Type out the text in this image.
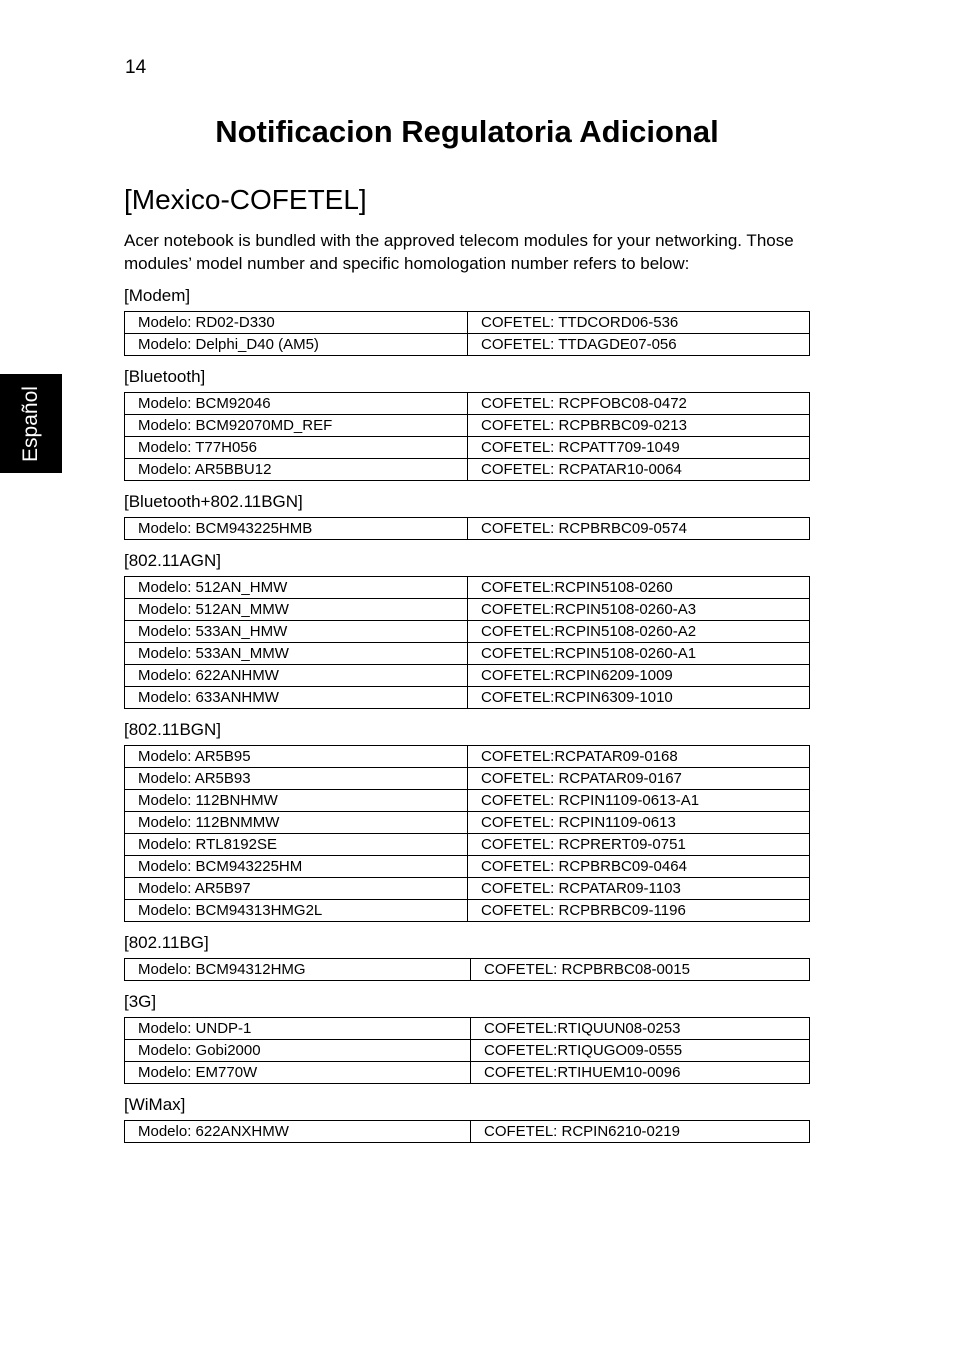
14
Español
Notificacion Regulatoria Adicional
[Mexico-COFETEL]

Acer notebook is bundled with the approved telecom modules for your networking. Those modules’ model number and specific homologation number refers to below:

[Modem]
Modelo: RD02-D330	COFETEL: TTDCORD06-536
Modelo: Delphi_D40 (AM5)	COFETEL: TTDAGDE07-056
[Bluetooth]
Modelo: BCM92046	COFETEL: RCPFOBC08-0472
Modelo: BCM92070MD_REF	COFETEL: RCPBRBC09-0213
Modelo: T77H056	COFETEL: RCPATT709-1049
Modelo: AR5BBU12	COFETEL: RCPATAR10-0064
[Bluetooth+802.11BGN]
Modelo: BCM943225HMB	COFETEL: RCPBRBC09-0574
[802.11AGN]
Modelo: 512AN_HMW	COFETEL:RCPIN5108-0260
Modelo: 512AN_MMW	COFETEL:RCPIN5108-0260-A3
Modelo: 533AN_HMW	COFETEL:RCPIN5108-0260-A2
Modelo: 533AN_MMW	COFETEL:RCPIN5108-0260-A1
Modelo: 622ANHMW	COFETEL:RCPIN6209-1009
Modelo: 633ANHMW	COFETEL:RCPIN6309-1010
[802.11BGN]
Modelo: AR5B95	COFETEL:RCPATAR09-0168
Modelo: AR5B93	COFETEL: RCPATAR09-0167
Modelo: 112BNHMW	COFETEL: RCPIN1109-0613-A1
Modelo: 112BNMMW	COFETEL: RCPIN1109-0613
Modelo: RTL8192SE	COFETEL: RCPRERT09-0751
Modelo: BCM943225HM	COFETEL: RCPBRBC09-0464
Modelo: AR5B97	COFETEL: RCPATAR09-1103
Modelo: BCM94313HMG2L	COFETEL: RCPBRBC09-1196
[802.11BG]
Modelo: BCM94312HMG	COFETEL: RCPBRBC08-0015
[3G]
Modelo: UNDP-1	COFETEL:RTIQUUN08-0253
Modelo: Gobi2000	COFETEL:RTIQUGO09-0555
Modelo: EM770W	COFETEL:RTIHUEM10-0096
[WiMax]
Modelo: 622ANXHMW	COFETEL: RCPIN6210-0219
